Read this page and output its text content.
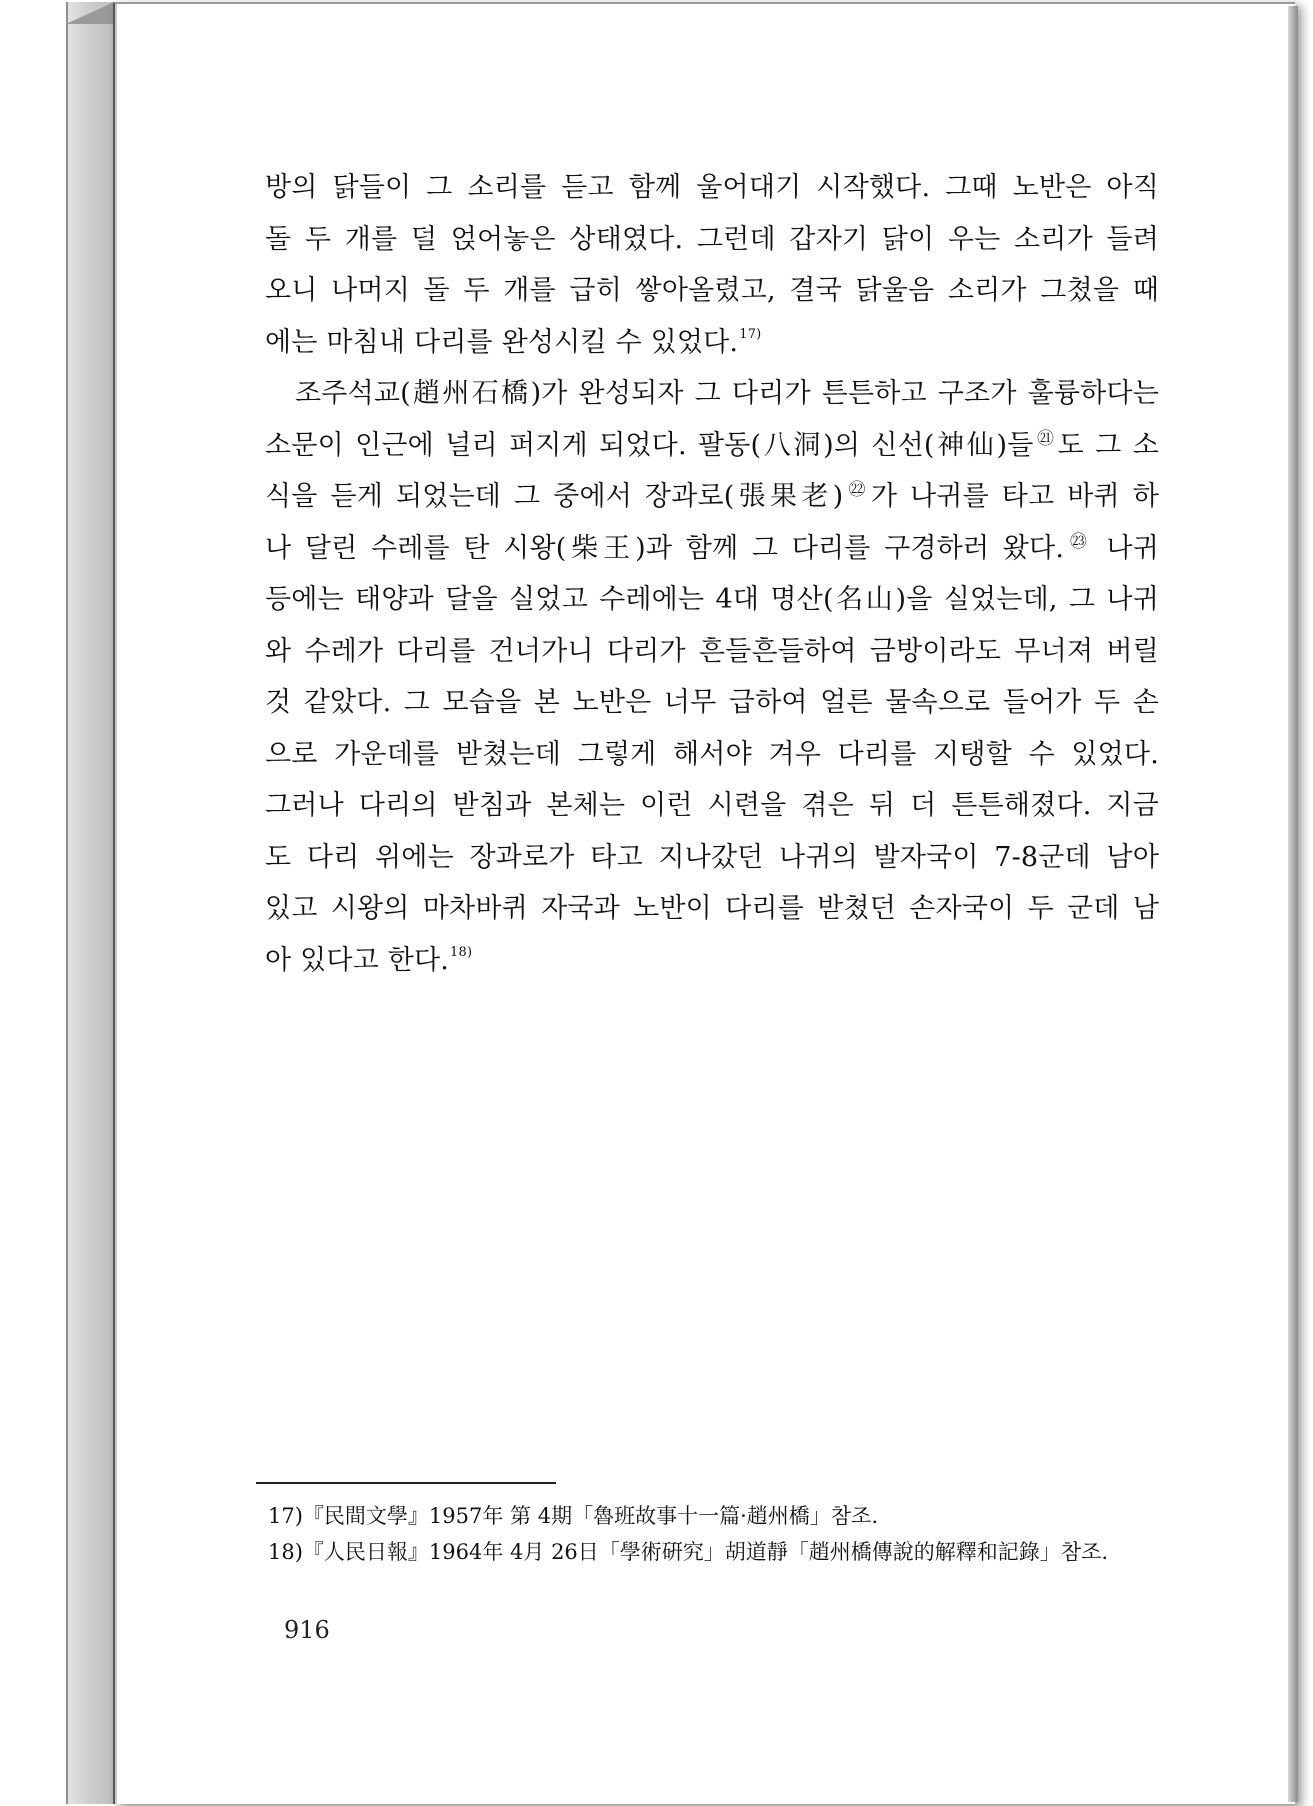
방의 닭들이 그 소리를 듣고 함께 울어대기 시작했다. 그때 노반은 아직
돌 두 개를 덜 얹어놓은 상태였다. 그런데 갑자기 닭이 우는 소리가 들려
오니 나머지 돌 두 개를 급히 쌓아올렸고, 결국 닭울음 소리가 그쳤을 때
에는 마침내 다리를 완성시킬 수 있었다.$^{17)}$
조주석교(趙州石橋)가 완성되자 그 다리가 튼튼하고 구조가 훌륭하다는
소문이 인근에 널리 퍼지게 되었다. 팔동(八洞)의 신선(神仙)들$^㉑$도 그 소
식을 듣게 되었는데 그 중에서 장과로(張果老)$^㉒$가 나귀를 타고 바퀴 하
나 달린 수레를 탄 시왕(柴王)과 함께 그 다리를 구경하러 왔다.$^㉓$ 나귀
등에는 태양과 달을 실었고 수레에는 4대 명산(名山)을 실었는데, 그 나귀
와 수레가 다리를 건너가니 다리가 흔들흔들하여 금방이라도 무너져 버릴
것 같았다. 그 모습을 본 노반은 너무 급하여 얼른 물속으로 들어가 두 손
으로 가운데를 받쳤는데 그렇게 해서야 겨우 다리를 지탱할 수 있었다.
그러나 다리의 받침과 본체는 이런 시련을 겪은 뒤 더 튼튼해졌다. 지금
도 다리 위에는 장과로가 타고 지나갔던 나귀의 발자국이 7-8군데 남아
있고 시왕의 마차바퀴 자국과 노반이 다리를 받쳤던 손자국이 두 군데 남
아 있다고 한다.$^{18)}$
17)『民間文學』1957年 第 4期「魯班故事十一篇·趙州橋」참조.
18)『人民日報』1964年 4月 26日「學術硏究」胡道靜「趙州橋傳說的解釋和記錄」참조.
916
